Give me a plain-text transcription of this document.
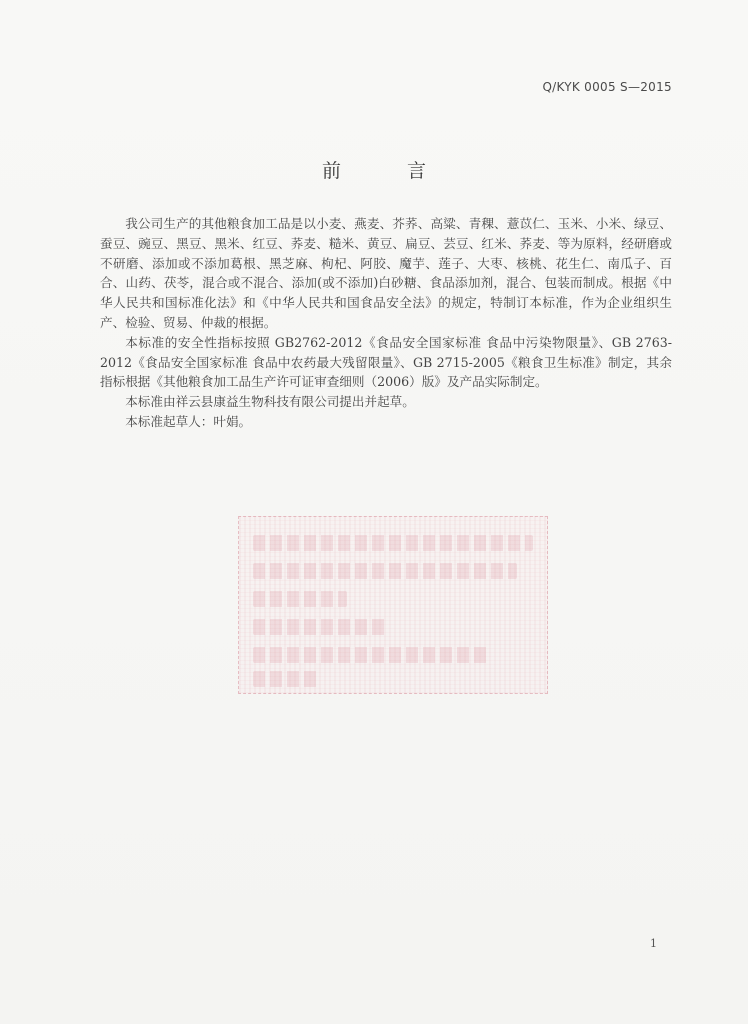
Q/KYK 0005 S—2015
前 言

我公司生产的其他粮食加工品是以小麦、燕麦、芥荞、高粱、青稞、薏苡仁、玉米、小米、绿豆、蚕豆、豌豆、黑豆、黑米、红豆、荞麦、糙米、黄豆、扁豆、芸豆、红米、荞麦、等为原料，经研磨或不研磨、添加或不添加葛根、黑芝麻、枸杞、阿胶、魔芋、莲子、大枣、核桃、花生仁、南瓜子、百合、山药、茯苓，混合或不混合、添加(或不添加)白砂糖、食品添加剂，混合、包装而制成。根据《中华人民共和国标准化法》和《中华人民共和国食品安全法》的规定，特制订本标准，作为企业组织生产、检验、贸易、仲裁的根据。

本标准的安全性指标按照 GB2762-2012《食品安全国家标准 食品中污染物限量》、GB 2763-2012《食品安全国家标准 食品中农药最大残留限量》、GB 2715-2005《粮食卫生标准》制定，其余指标根据《其他粮食加工品生产许可证审查细则（2006）版》及产品实际制定。

本标准由祥云县康益生物科技有限公司提出并起草。

本标准起草人：叶娟。

1
